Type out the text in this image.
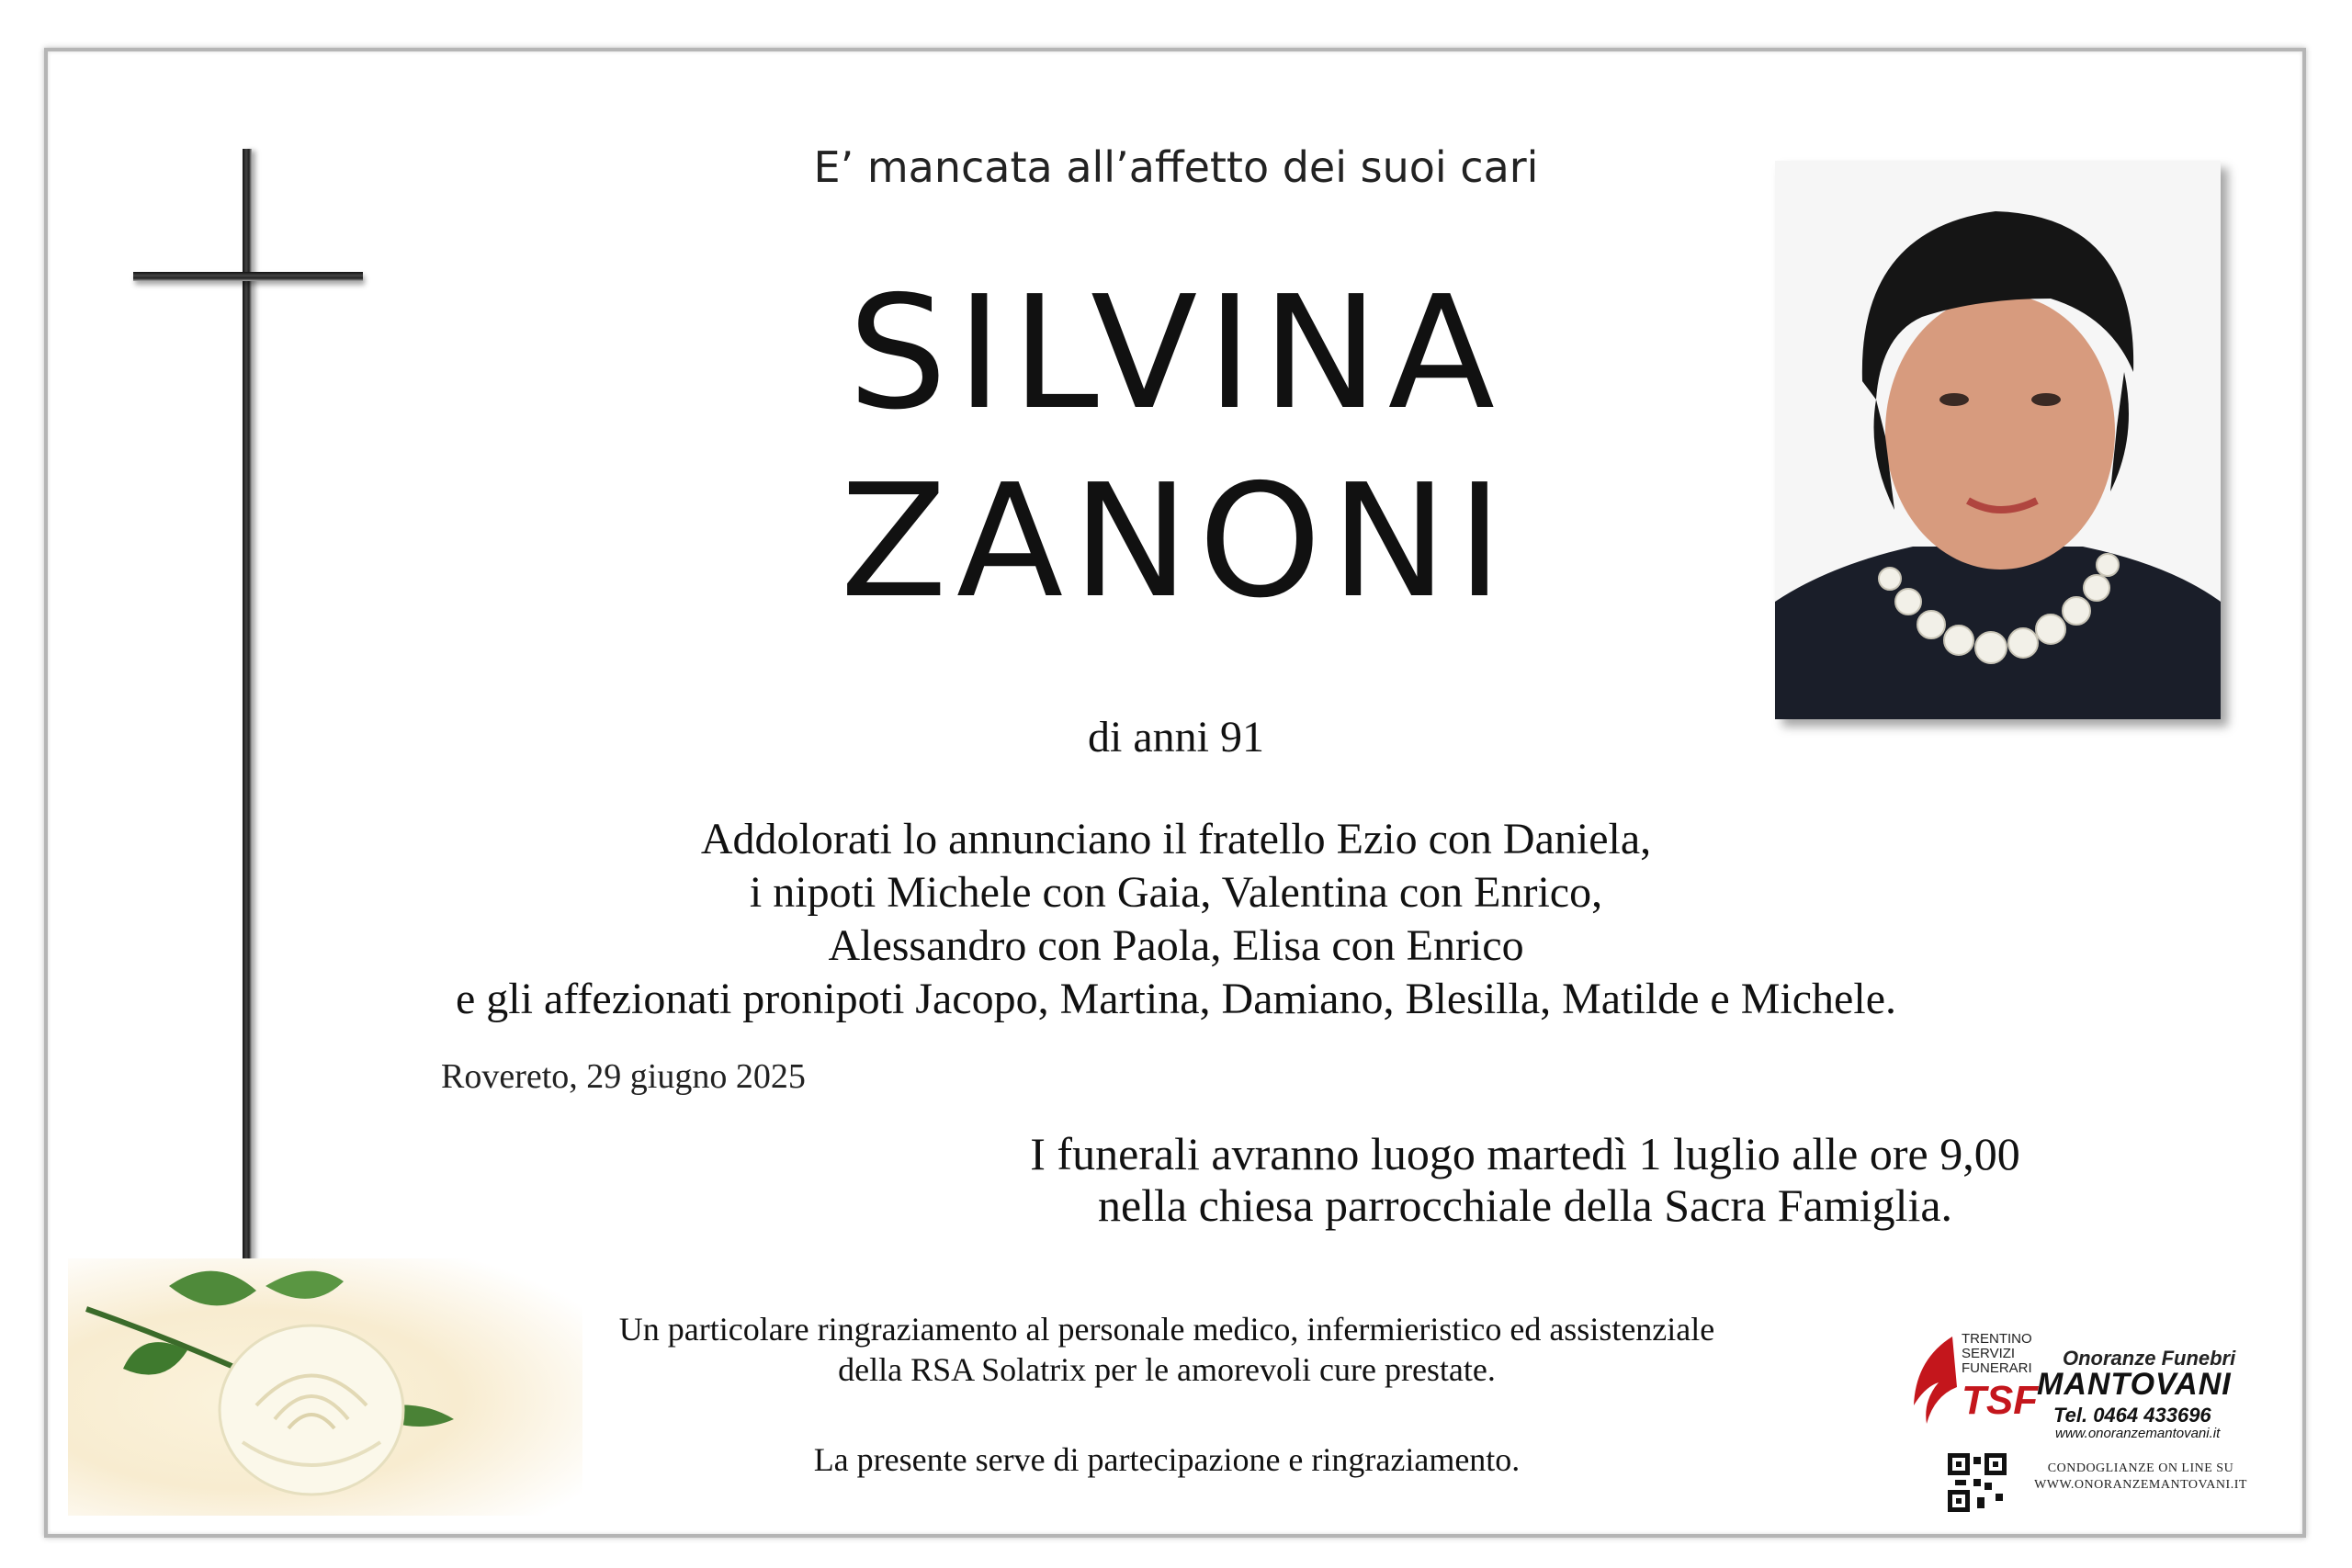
E’ mancata all’affetto dei suoi cari
SILVINA
ZANONI
di anni 91
Addolorati lo annunciano il fratello Ezio con Daniela,
i nipoti Michele con Gaia, Valentina con Enrico,
Alessandro con Paola, Elisa con Enrico
e gli affezionati pronipoti Jacopo, Martina, Damiano, Blesilla, Matilde e Michele.
Rovereto, 29 giugno 2025
I funerali avranno luogo martedì 1 luglio alle ore 9,00
nella chiesa parrocchiale della Sacra Famiglia.
Un particolare ringraziamento al personale medico, infermieristico ed assistenziale
della RSA Solatrix per le amorevoli cure prestate.
La presente serve di partecipazione e ringraziamento.
TRENTINO
SERVIZI
FUNERARI
TSF
Onoranze Funebri
MANTOVANI
Tel. 0464 433696
www.onoranzemantovani.it
CONDOGLIANZE ON LINE SU
WWW.ONORANZEMANTOVANI.IT
